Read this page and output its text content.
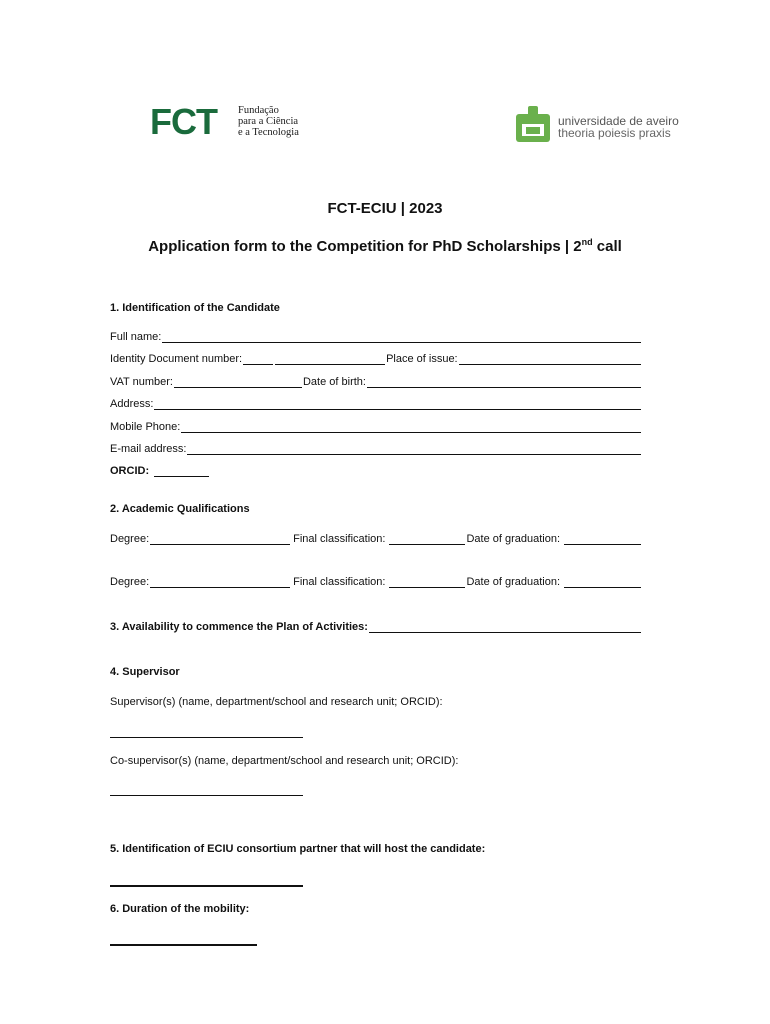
FCT Fundação
para a Ciência
e a Tecnologia
universidade de aveiro
theoria poiesis praxis
FCT-ECIU | 2023
Application form to the Competition for PhD Scholarships | 2nd call
1. Identification of the Candidate
Full name:
Identity Document number:	Place of issue:
VAT number:	Date of birth:
Address:
Mobile Phone:
E-mail address:
ORCID:
2. Academic Qualifications
Degree:	Final classification:	Date of graduation:
Degree:	Final classification:	Date of graduation:
3. Availability to commence the Plan of Activities:
4. Supervisor
Supervisor(s) (name, department/school and research unit; ORCID):
Co-supervisor(s) (name, department/school and research unit; ORCID):
5. Identification of ECIU consortium partner that will host the candidate:
6. Duration of the mobility:
